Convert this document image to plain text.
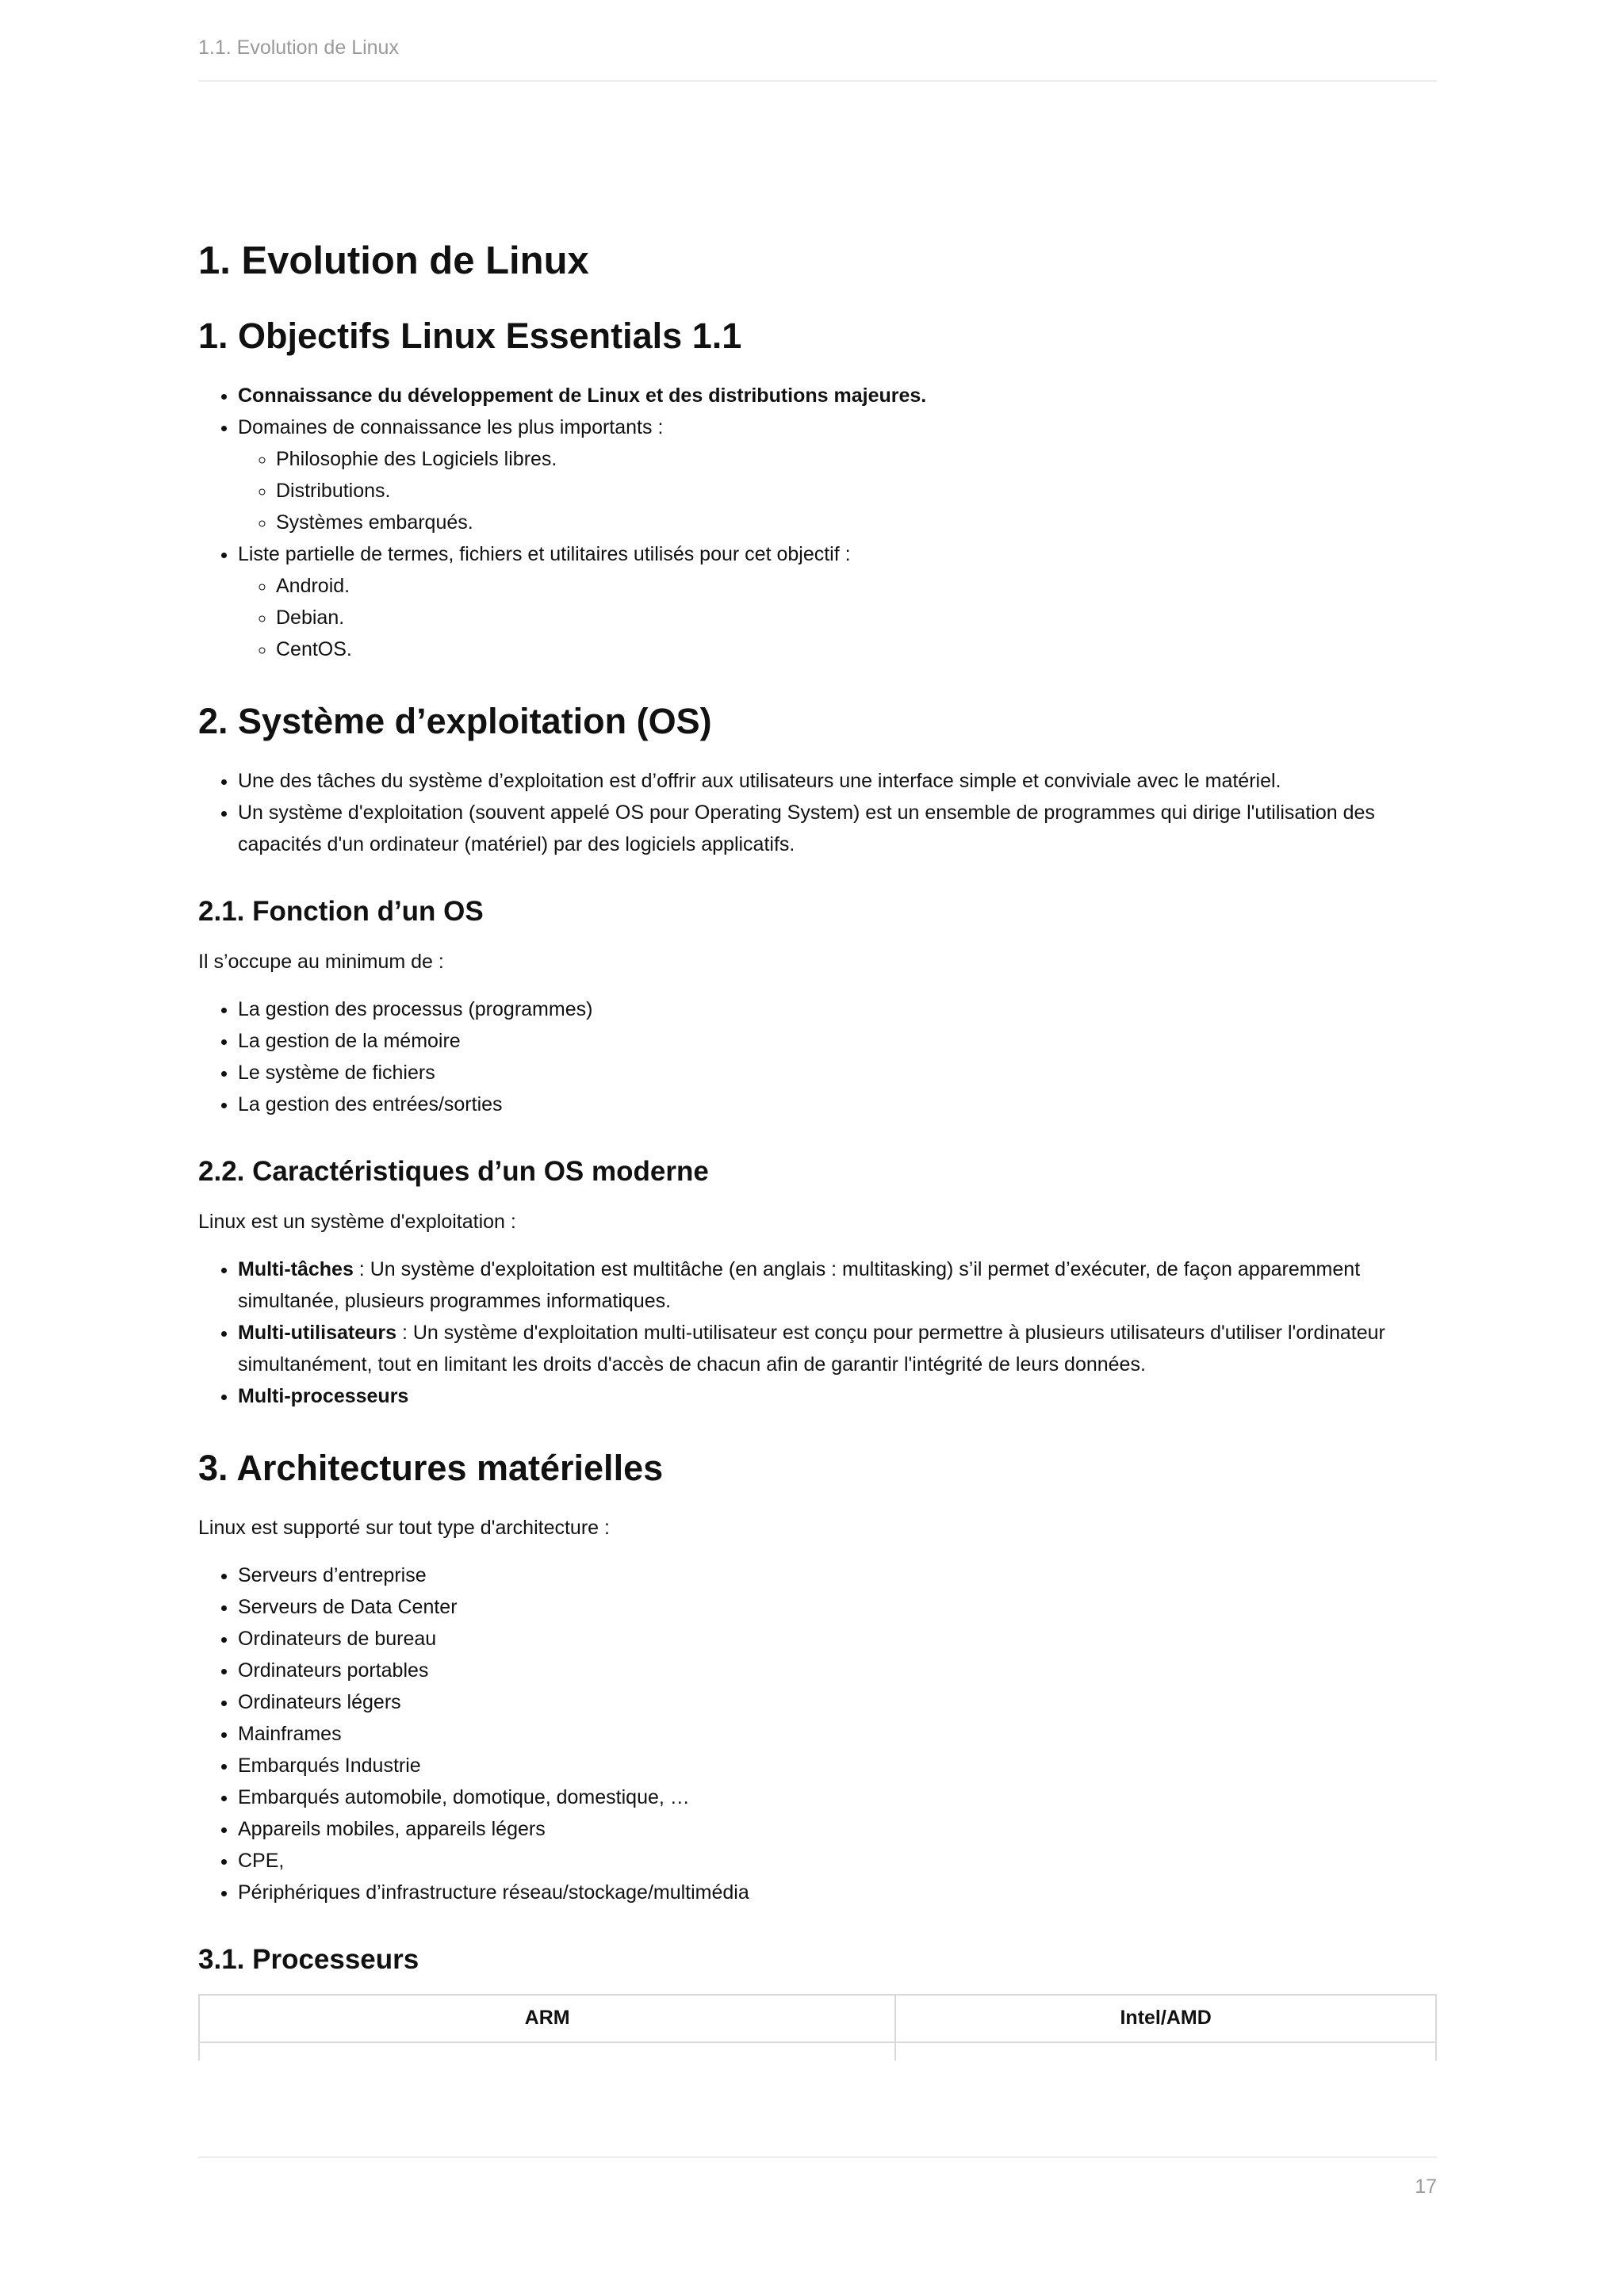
1.1. Evolution de Linux
1. Evolution de Linux
1. Objectifs Linux Essentials 1.1
• Connaissance du développement de Linux et des distributions majeures.
• Domaines de connaissance les plus importants :
◦ Philosophie des Logiciels libres.
◦ Distributions.
◦ Systèmes embarqués.
• Liste partielle de termes, fichiers et utilitaires utilisés pour cet objectif :
◦ Android.
◦ Debian.
◦ CentOS.
2. Système d’exploitation (OS)
• Une des tâches du système d’exploitation est d’offrir aux utilisateurs une interface simple et conviviale avec le matériel.
• Un système d'exploitation (souvent appelé OS pour Operating System) est un ensemble de programmes qui dirige l'utilisation des capacités d'un ordinateur (matériel) par des logiciels applicatifs.
2.1. Fonction d’un OS

Il s’occupe au minimum de :

• La gestion des processus (programmes)
• La gestion de la mémoire
• Le système de fichiers
• La gestion des entrées/sorties
2.2. Caractéristiques d’un OS moderne

Linux est un système d'exploitation :

• Multi-tâches : Un système d'exploitation est multitâche (en anglais : multitasking) s’il permet d’exécuter, de façon apparemment simultanée, plusieurs programmes informatiques.
• Multi-utilisateurs : Un système d'exploitation multi-utilisateur est conçu pour permettre à plusieurs utilisateurs d'utiliser l'ordinateur simultanément, tout en limitant les droits d'accès de chacun afin de garantir l'intégrité de leurs données.
• Multi-processeurs
3. Architectures matérielles

Linux est supporté sur tout type d'architecture :

• Serveurs d’entreprise
• Serveurs de Data Center
• Ordinateurs de bureau
• Ordinateurs portables
• Ordinateurs légers
• Mainframes
• Embarqués Industrie
• Embarqués automobile, domotique, domestique, …
• Appareils mobiles, appareils légers
• CPE,
• Périphériques d’infrastructure réseau/stockage/multimédia
3.1. Processeurs
ARM	Intel/AMD

17
